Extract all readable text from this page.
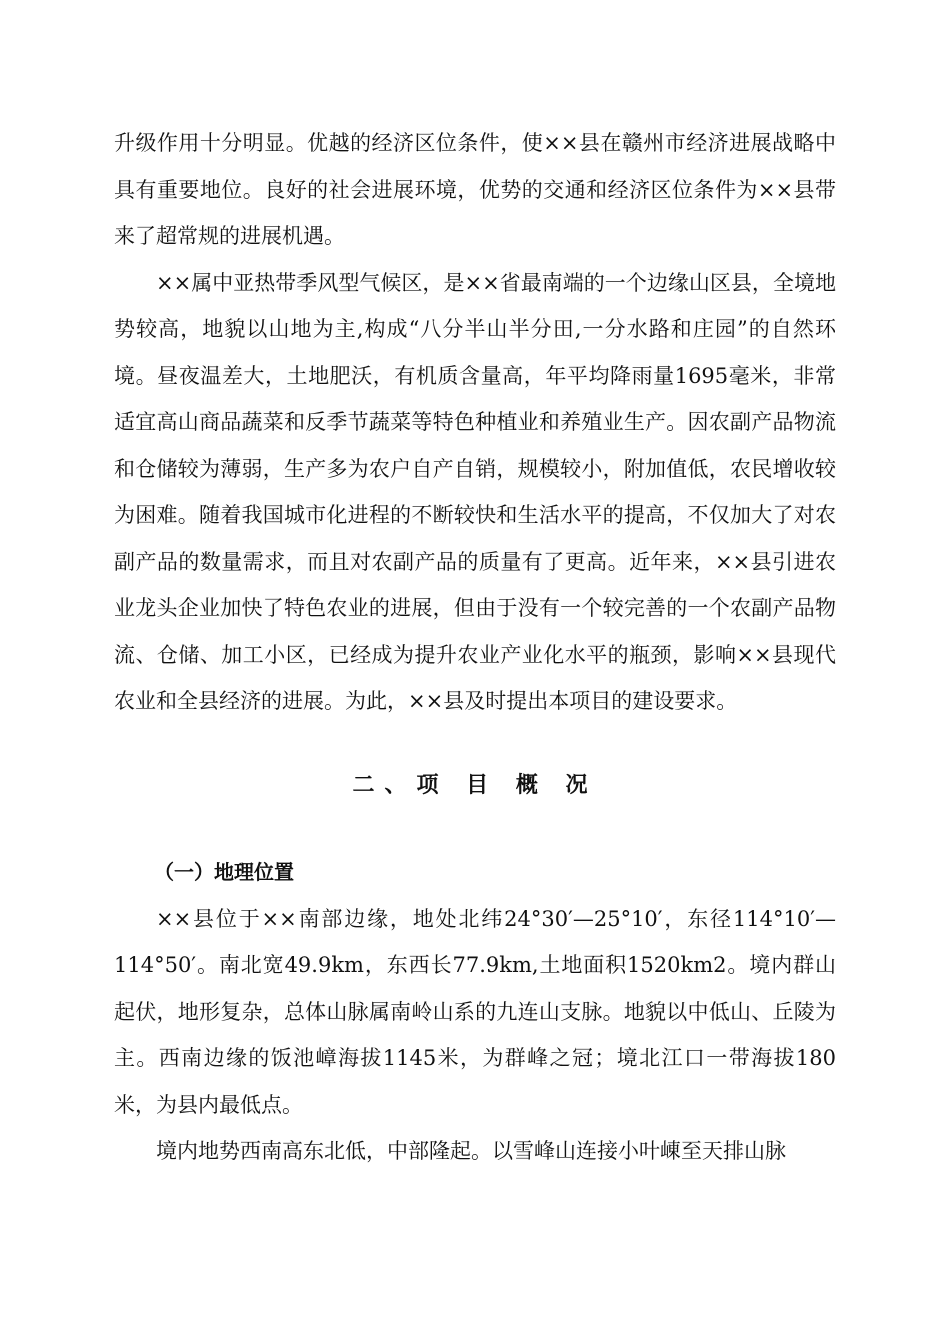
升级作用十分明显。优越的经济区位条件，使××县在赣州市经济进展战略中具有重要地位。良好的社会进展环境，优势的交通和经济区位条件为××县带来了超常规的进展机遇。

××属中亚热带季风型气候区，是××省最南端的一个边缘山区县，全境地势较高，地貌以山地为主,构成“八分半山半分田,一分水路和庄园”的自然环境。昼夜温差大，土地肥沃，有机质含量高，年平均降雨量1695毫米，非常适宜高山商品蔬菜和反季节蔬菜等特色种植业和养殖业生产。因农副产品物流和仓储较为薄弱，生产多为农户自产自销，规模较小，附加值低，农民增收较为困难。随着我国城市化进程的不断较快和生活水平的提高，不仅加大了对农副产品的数量需求，而且对农副产品的质量有了更高。近年来，××县引进农业龙头企业加快了特色农业的进展，但由于没有一个较完善的一个农副产品物流、仓储、加工小区，已经成为提升农业产业化水平的瓶颈，影响××县现代农业和全县经济的进展。为此，××县及时提出本项目的建设要求。

二、项 目 概 况
（一）地理位置

××县位于××南部边缘，地处北纬24°30′—25°10′，东径114°10′—114°50′。南北宽49.9km，东西长77.9km,土地面积1520km2。境内群山起伏，地形复杂，总体山脉属南岭山系的九连山支脉。地貌以中低山、丘陵为主。西南边缘的饭池嶂海拔1145米，为群峰之冠；境北江口一带海拔180米，为县内最低点。

境内地势西南高东北低，中部隆起。以雪峰山连接小叶崠至天排山脉
